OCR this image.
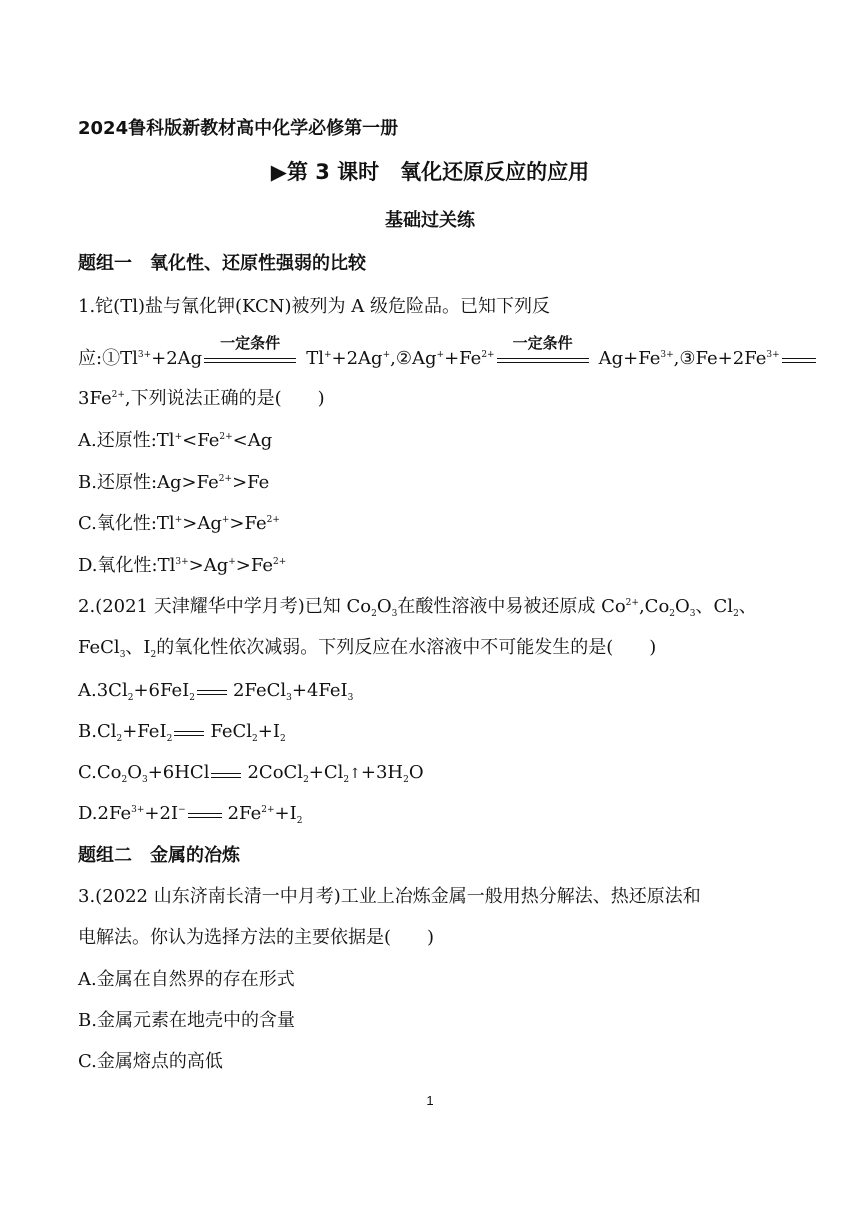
2024鲁科版新教材高中化学必修第一册
▶第 3 课时　氧化还原反应的应用
基础过关练
题组一　氧化性、还原性强弱的比较
1.铊(Tl)盐与氰化钾(KCN)被列为 A 级危险品。已知下列反
应$:①Tl^{3+}+2Ag$
一定条件
$Tl^++2Ag^+,②Ag^++Fe^{2+}$
一定条件
$Ag+Fe^{3+},③Fe+2Fe^{3+}$
$3Fe^{2+}$,下列说法正确的是(　　)
A.还原性$:Tl^+<Fe^{2+}<Ag$
B.还原性$:Ag>Fe^{2+}>Fe$
C.氧化性$:Tl^+>Ag^+>Fe^{2+}$
D.氧化性$:Tl^{3+}>Ag^+>Fe^{2+}$
2.(2021 天津耀华中学月考)已知 $Co_2O_3$在酸性溶液中易被还原成 $Co^{2+},Co_2O_3$、$Cl_2$、
FeCl$_3$、$I_2$的氧化性依次减弱。下列反应在水溶液中不可能发生的是(　　)
$A.3Cl_2+6FeI_2$ 2FeCl$_3$+4FeI$_3$
$B.Cl_2+FeI_2$ $FeCl_2+I_2$
$C.Co_2O_3+6HCl$ $2CoCl_2+Cl_2↑+3H_2O$
$D.2Fe^{3+}+2I^-$ $2Fe^{2+}+I_2$
题组二　金属的冶炼
3.(2022 山东济南长清一中月考)工业上冶炼金属一般用热分解法、热还原法和
电解法。你认为选择方法的主要依据是(　　)
A.金属在自然界的存在形式
B.金属元素在地壳中的含量
C.金属熔点的高低
1
